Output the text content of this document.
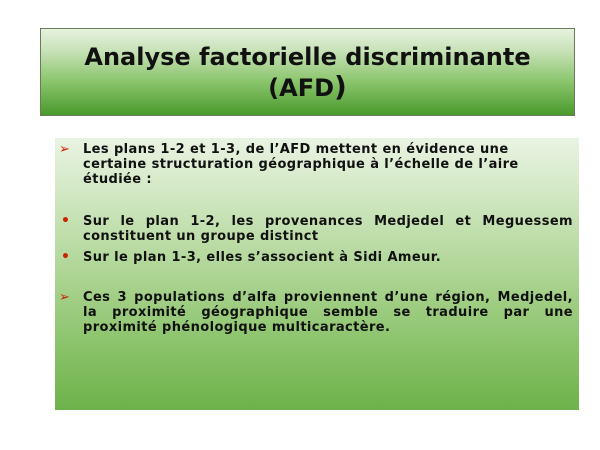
Analyse factorielle discriminante
(AFD)
➢ Les plans 1-2 et 1-3, de l’AFD mettent en évidence une certaine structuration géographique à l’échelle de l’aire étudiée :
• Sur le plan 1-2, les provenances Medjedel et Meguessem constituent un groupe distinct
• Sur le plan 1-3, elles s’associent à Sidi Ameur.
➢ Ces 3 populations d’alfa proviennent d’une région, Medjedel, la proximité géographique semble se traduire par une proximité phénologique multicaractère.
